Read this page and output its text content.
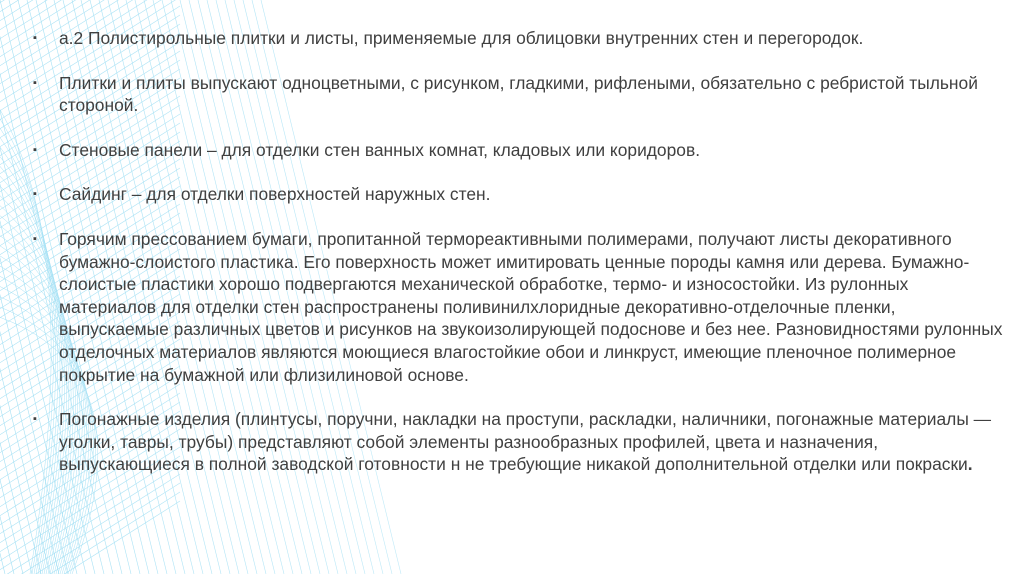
▪ а.2 Полистирольные плитки и листы, применяемые для облицовки внутренних стен и перегородок.

▪ Плитки и плиты выпускают одноцветными, с рисунком, гладкими, рифлеными, обязательно с ребристой тыльной стороной.

▪ Стеновые панели – для отделки стен ванных комнат, кладовых или коридоров.

▪ Сайдинг – для отделки поверхностей наружных стен.

▪ Горячим прессованием бумаги, пропитанной термореактивными полимерами, получают листы декоративного бумажно-слоистого пластика. Его поверхность может имитировать ценные породы камня или дерева. Бумажно-слоистые пластики хорошо подвергаются механической обработке, термо- и износостойки. Из рулонных материалов для отделки стен распространены поливинилхлоридные декоративно-отделочные пленки, выпускаемые различных цветов и рисунков на звукоизолирующей подоснове и без нее. Разновидностями рулонных отделочных материалов являются моющиеся влагостойкие обои и линкруст, имеющие пленочное полимерное покрытие на бумажной или флизилиновой основе.

▪ Погонажные изделия (плинтусы, поручни, накладки на проступи, раскладки, наличники, погонажные материалы — уголки, тавры, трубы) представляют собой элементы разнообразных профилей, цвета и назначения, выпускающиеся в полной заводской готовности н не требующие никакой дополнительной отделки или покраски.
